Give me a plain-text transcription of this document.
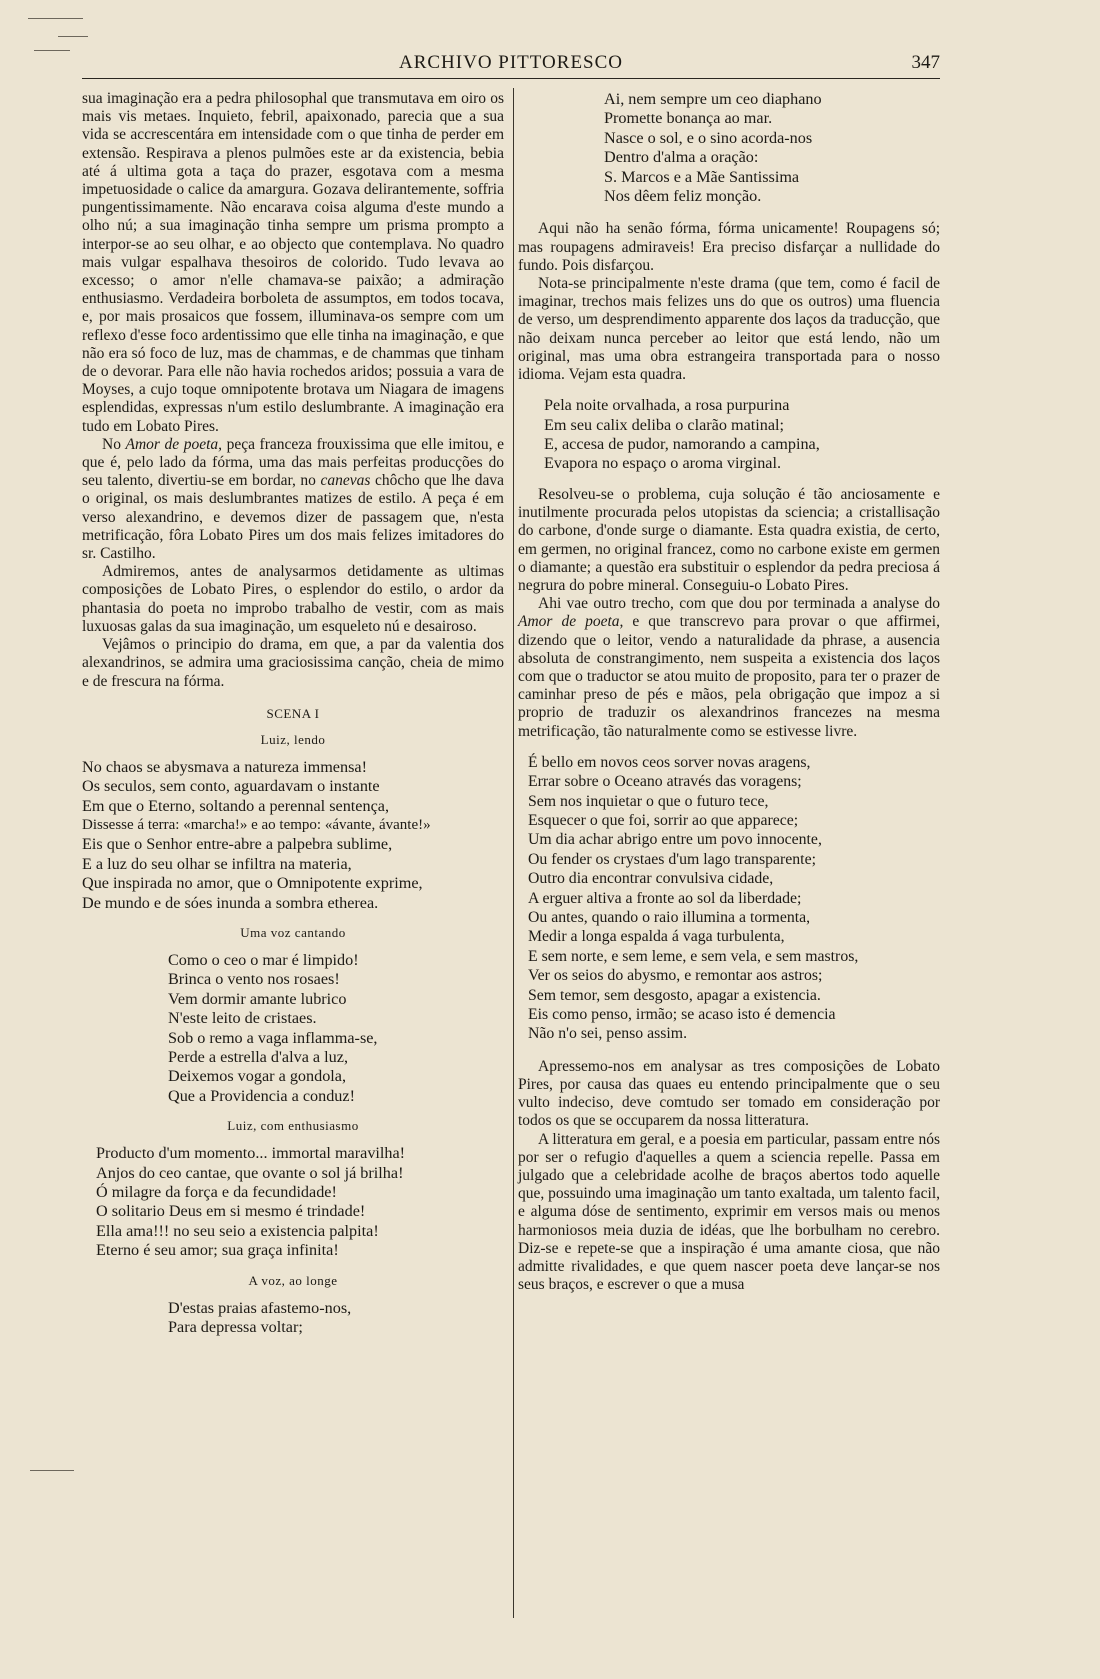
ARCHIVO PITTORESCO	347

sua imaginação era a pedra philosophal que transmutava em oiro os mais vis metaes. Inquieto, febril, apaixonado, parecia que a sua vida se accrescentára em intensidade com o que tinha de perder em extensão. Respirava a plenos pulmões este ar da existencia, bebia até á ultima gota a taça do prazer, esgotava com a mesma impetuosidade o calice da amargura. Gozava delirantemente, soffria pungentissimamente. Não encarava coisa alguma d'este mundo a olho nú; a sua imaginação tinha sempre um prisma prompto a interpor-se ao seu olhar, e ao objecto que contemplava. No quadro mais vulgar espalhava thesoiros de colorido. Tudo levava ao excesso; o amor n'elle chamava-se paixão; a admiração enthusiasmo. Verdadeira borboleta de assumptos, em todos tocava, e, por mais prosaicos que fossem, illuminava-os sempre com um reflexo d'esse foco ardentissimo que elle tinha na imaginação, e que não era só foco de luz, mas de chammas, e de chammas que tinham de o devorar. Para elle não havia rochedos aridos; possuia a vara de Moyses, a cujo toque omnipotente brotava um Niagara de imagens esplendidas, expressas n'um estilo deslumbrante. A imaginação era tudo em Lobato Pires.

No Amor de poeta, peça franceza frouxissima que elle imitou, e que é, pelo lado da fórma, uma das mais perfeitas producções do seu talento, divertiu-se em bordar, no canevas chôcho que lhe dava o original, os mais deslumbrantes matizes de estilo. A peça é em verso alexandrino, e devemos dizer de passagem que, n'esta metrificação, fôra Lobato Pires um dos mais felizes imitadores do sr. Castilho.

Admiremos, antes de analysarmos detidamente as ultimas composições de Lobato Pires, o esplendor do estilo, o ardor da phantasia do poeta no improbo trabalho de vestir, com as mais luxuosas galas da sua imaginação, um esqueleto nú e desairoso.

Vejâmos o principio do drama, em que, a par da valentia dos alexandrinos, se admira uma graciosissima canção, cheia de mimo e de frescura na fórma.

SCENA I
Luiz, lendo
No chaos se abysmava a natureza immensa!
Os seculos, sem conto, aguardavam o instante
Em que o Eterno, soltando a perennal sentença,
Dissesse á terra: «marcha!» e ao tempo: «ávante, ávante!»
Eis que o Senhor entre-abre a palpebra sublime,
E a luz do seu olhar se infiltra na materia,
Que inspirada no amor, que o Omnipotente exprime,
De mundo e de sóes inunda a sombra etherea.
Uma voz cantando
Como o ceo o mar é limpido!
Brinca o vento nos rosaes!
Vem dormir amante lubrico
N'este leito de cristaes.
Sob o remo a vaga inflamma-se,
Perde a estrella d'alva a luz,
Deixemos vogar a gondola,
Que a Providencia a conduz!
Luiz, com enthusiasmo
Producto d'um momento... immortal maravilha!
Anjos do ceo cantae, que ovante o sol já brilha!
Ó milagre da força e da fecundidade!
O solitario Deus em si mesmo é trindade!
Ella ama!!! no seu seio a existencia palpita!
Eterno é seu amor; sua graça infinita!
A voz, ao longe
D'estas praias afastemo-nos,
Para depressa voltar;
Ai, nem sempre um ceo diaphano
Promette bonança ao mar.
Nasce o sol, e o sino acorda-nos
Dentro d'alma a oração:
S. Marcos e a Mãe Santissima
Nos dêem feliz monção.

Aqui não ha senão fórma, fórma unicamente! Roupagens só; mas roupagens admiraveis! Era preciso disfarçar a nullidade do fundo. Pois disfarçou.

Nota-se principalmente n'este drama (que tem, como é facil de imaginar, trechos mais felizes uns do que os outros) uma fluencia de verso, um desprendimento apparente dos laços da traducção, que não deixam nunca perceber ao leitor que está lendo, não um original, mas uma obra estrangeira transportada para o nosso idioma. Vejam esta quadra.

Pela noite orvalhada, a rosa purpurina
Em seu calix deliba o clarão matinal;
E, accesa de pudor, namorando a campina,
Evapora no espaço o aroma virginal.

Resolveu-se o problema, cuja solução é tão anciosamente e inutilmente procurada pelos utopistas da sciencia; a cristallisação do carbone, d'onde surge o diamante. Esta quadra existia, de certo, em germen, no original francez, como no carbone existe em germen o diamante; a questão era substituir o esplendor da pedra preciosa á negrura do pobre mineral. Conseguiu-o Lobato Pires.

Ahi vae outro trecho, com que dou por terminada a analyse do Amor de poeta, e que transcrevo para provar o que affirmei, dizendo que o leitor, vendo a naturalidade da phrase, a ausencia absoluta de constrangimento, nem suspeita a existencia dos laços com que o traductor se atou muito de proposito, para ter o prazer de caminhar preso de pés e mãos, pela obrigação que impoz a si proprio de traduzir os alexandrinos francezes na mesma metrificação, tão naturalmente como se estivesse livre.

É bello em novos ceos sorver novas aragens,
Errar sobre o Oceano através das voragens;
Sem nos inquietar o que o futuro tece,
Esquecer o que foi, sorrir ao que apparece;
Um dia achar abrigo entre um povo innocente,
Ou fender os crystaes d'um lago transparente;
Outro dia encontrar convulsiva cidade,
A erguer altiva a fronte ao sol da liberdade;
Ou antes, quando o raio illumina a tormenta,
Medir a longa espalda á vaga turbulenta,
E sem norte, e sem leme, e sem vela, e sem mastros,
Ver os seios do abysmo, e remontar aos astros;
Sem temor, sem desgosto, apagar a existencia.
Eis como penso, irmão; se acaso isto é demencia
Não n'o sei, penso assim.

Apressemo-nos em analysar as tres composições de Lobato Pires, por causa das quaes eu entendo principalmente que o seu vulto indeciso, deve comtudo ser tomado em consideração por todos os que se occuparem da nossa litteratura.

A litteratura em geral, e a poesia em particular, passam entre nós por ser o refugio d'aquelles a quem a sciencia repelle. Passa em julgado que a celebridade acolhe de braços abertos todo aquelle que, possuindo uma imaginação um tanto exaltada, um talento facil, e alguma dóse de sentimento, exprimir em versos mais ou menos harmoniosos meia duzia de idéas, que lhe borbulham no cerebro. Diz-se e repete-se que a inspiração é uma amante ciosa, que não admitte rivalidades, e que quem nascer poeta deve lançar-se nos seus braços, e escrever o que a musa
